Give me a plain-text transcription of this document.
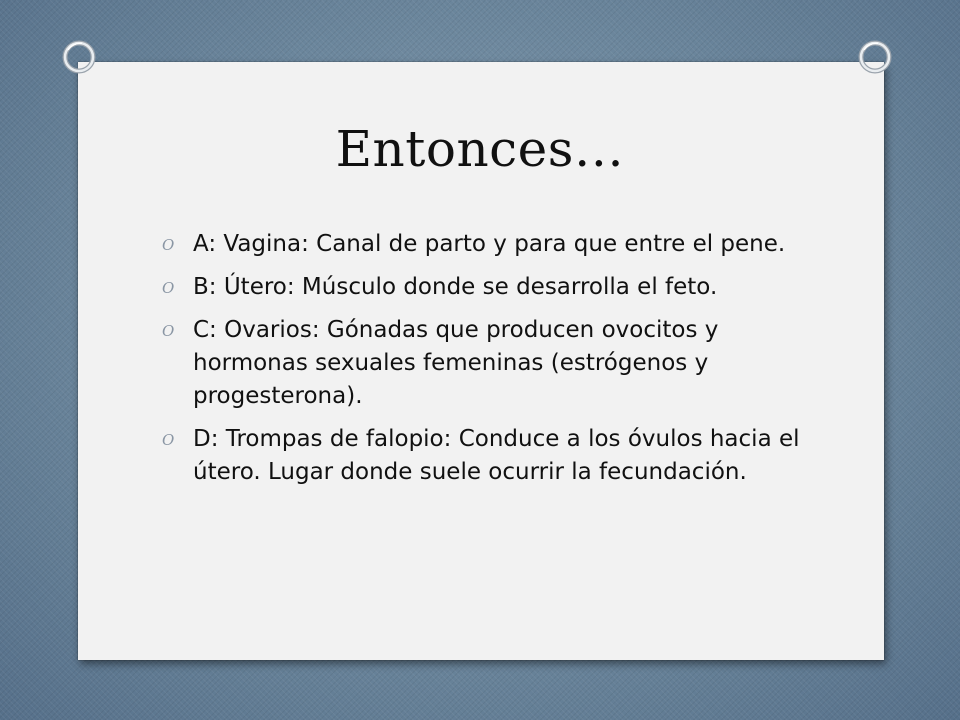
Entonces…
O A: Vagina: Canal de parto y para que entre el pene.
O B: Útero: Músculo donde se desarrolla el feto.
O C: Ovarios: Gónadas que producen ovocitos y hormonas sexuales femeninas (estrógenos y progesterona).
O D: Trompas de falopio: Conduce a los óvulos hacia el útero. Lugar donde suele ocurrir la fecundación.
